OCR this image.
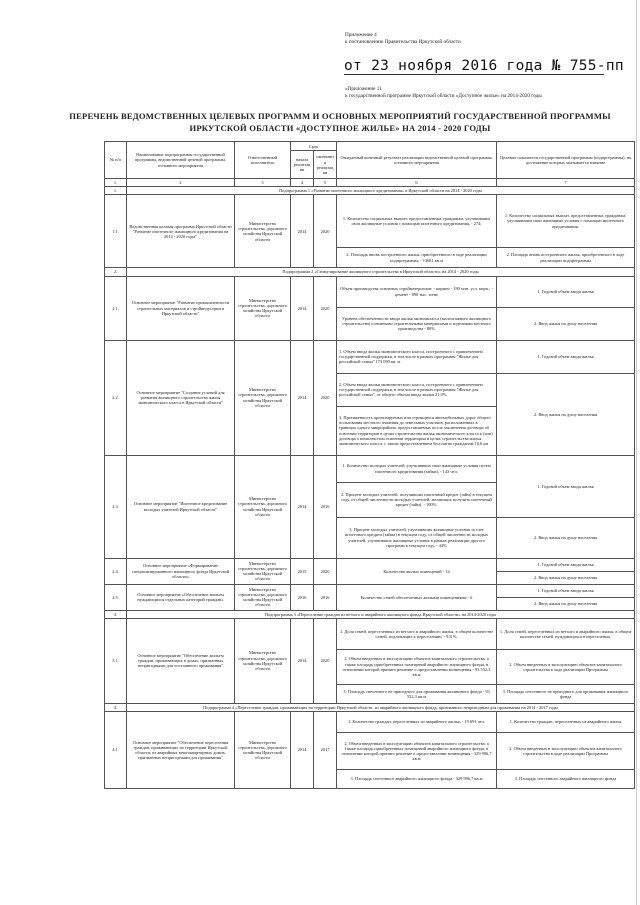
Приложение 4
к постановлению Правительства Иркутской области
от 23 ноября 2016 года № 755-пп
«Приложение 11
к государственной программе Иркутской области «Доступное жилье» на 2014-2020 годы
ПЕРЕЧЕНЬ ВЕДОМСТВЕННЫХ ЦЕЛЕВЫХ ПРОГРАММ И ОСНОВНЫХ МЕРОПРИЯТИЙ ГОСУДАРСТВЕННОЙ ПРОГРАММЫ
ИРКУТСКОЙ ОБЛАСТИ «ДОСТУПНОЕ ЖИЛЬЕ» НА 2014 - 2020 ГОДЫ
№ п/п	Наименование подпрограммы государственной программы, ведомственной целевой программы, основного мероприятия	Ответственный исполнитель	Срок		Ожидаемый конечный результат реализации ведомственной целевой программы, основного мероприятия	Целевые показатели государственной программы (подпрограммы), на достижение которых оказывается влияние
			начала реализации	окончания реализации		
1.	2	3	4	5	6	7
1.	Подпрограмма 1 «Развитие ипотечного жилищного кредитования» в Иркутской области на 2014 - 2020 годы					
1.1.	Ведомственная целевая программа Иркутской области "Развитие ипотечного жилищного кредитования на 2014 - 2020 годы"	Министерство строительства, дорожного хозяйства Иркутской области	2014	2020	1. Количество социальных выплат, предоставленных гражданам, улучшившим свои жилищные условия с помощью ипотечного кредитования, - 274;	1. Количество социальных выплат, предоставленных гражданам, улучшившим свои жилищные условия с помощью ипотечного кредитования.
					2. Площадь вновь построенного жилья, приобретенного в ходе реализации подпрограммы, - 13681 кв.м	2. Площадь вновь построенного жилья, приобретенного в ходе реализации подпрограммы
2.	Подпрограмма 2 «Стимулирование жилищного строительства в Иркутской области» на 2014 - 2020 годы					
2.1.	Основное мероприятие "Развитие промышленности строительных материалов и стройиндустрии в Иркутской области"	Министерство строительства, дорожного хозяйства Иркутской области	2014	2020	Объем производства основных стройматериалов: - кирпич - 190 млн. усл. кирп.; - цемент - 890 тыс. тонн;	1. Годовой объем ввода жилья
					Уровень обеспеченности ввода жилья экономкласса (малоэтажного жилищного строительства) основными строительными материалами и изделиями местного производства - 80%	2. Ввод жилья на душу населения
2.2.	Основное мероприятие "Создание условий для развития жилищного строительства жилья экономического класса в Иркутской области"	Министерство строительства, дорожного хозяйства Иркутской области	2014	2020	1. Объем ввода жилья экономического класса, построенного с привлечением государственной поддержки, в том числе в рамках программы "Жилье для российской семьи" 173 090 кв. м.	1. Годовой объем ввода жилья
					2. Объем ввода жилья экономического класса, построенного с привлечением государственной поддержки, в том числе в рамках программы "Жилье для российской семьи", от общего объема ввода жилья 21,9%.	2. Ввод жилья на душу населения
					3. Протяженность проектируемых или строящихся автомобильных дорог общего пользования местного значения до земельных участков, расположенных в границах одного микрорайона, предоставляемых после заключения договора об освоении территории в целях строительства жилья экономического класса к (или) договора о комплексном освоении территории в целях строительства жилья экономического класса, с таким предоставлением бесплатно гражданам 10,6 км	
2.3.	Основное мероприятие "Ипотечное кредитование молодых учителей Иркутской области"	Министерство строительства, дорожного хозяйства Иркутской области	2014	2016	1. Количество молодых учителей, улучшивших свои жилищные условия путем ипотечного кредитования (займа), - 143 чел.	1. Годовой объем ввода жилья
					2. Процент молодых учителей, получивших ипотечный кредит (займ) в текущем году, от общей численности молодых учителей, желающих получить ипотечный кредит (займ), - 100%.	
					3. Процент молодых учителей, улучшивших жилищные условия за счет ипотечного кредита (займа) в текущем году, от общей численности молодых учителей, улучшивших жилищные условия в рамках реализации другого программ в текущем году, - 44%	2. Ввод жилья на душу населения
2.4.	Основное мероприятие «Формирование специализированного жилищного фонда Иркутской области»	Министерство строительства, дорожного хозяйства Иркутской области	2015	2020	Количество жилых помещений - 14	1. Годовой объем ввода жилья
						2. Ввод жилья на душу населения
2.5.	Основное мероприятие «Обеспечение жильем нуждающихся отдельных категорий граждан»	Министерство строительства, дорожного хозяйства Иркутской области	2016	2016	Количество семей обеспеченных жилыми помещениями - 6	1. Годовой объем ввода жилья
						2. Ввод жилья на душу населения
3.	Подпрограмма 3 «Переселение граждан из ветхого и аварийного жилищного фонда Иркутской области» на 2014-2020 годы					
3.1.	Основное мероприятие "Обеспечение жильем граждан, проживающих в домах, признанных непригодными для постоянного проживания"	Министерство строительства, дорожного хозяйства Иркутской области	2014	2020	1. Доля семей, переселенных из ветхого и аварийного жилья, в общем количестве семей, подлежащих к переселению, - 9,8 %.	1. Доля семей, переселенных из ветхого и аварийного жилья, в общем количестве семей, нуждающихся в переселении.
					2. Объем введенных в эксплуатацию объектов капитального строительства, а также площадь приобретенных помещений аварийного жилищного фонда, в отношении которой принято решение о предоставлении возмещения - 93 552,3 кв.м	2. Объем введенных в эксплуатацию объектов капитального строительства в ходе реализации Программы
					3. Площадь снесенного не пригодного для проживания жилищного фонда - 93 552,3 кв.м	3. Площадь снесенного не пригодного для проживания жилищного фонда
4.	Подпрограмма 4 «Переселение граждан, проживающих на территории Иркутской области, из аварийного жилищного фонда, признанного непригодным для проживания на 2014 - 2017 годы					
4.1.	Основное мероприятие "Обеспечение переселения граждан, проживающих на территории Иркутской области, из аварийных многоквартирных домов, признанных непригодными для проживания"	Министерство строительства, дорожного хозяйства Иркутской области	2014	2017	1. Количество граждан, переселенных из аварийного жилья, - 19 691 чел.	1. Количество граждан, переселенных из аварийного жилья
					2. Объем введенных в эксплуатацию объектов капитального строительства, а также площадь приобретенных помещений аварийного жилищного фонда, в отношении которой принято решение о предоставлении возмещения - 329 996,7 кв.м	2. Объем введенных в эксплуатацию объектов капитального строительства в ходе реализации Программы
					3. Площадь снесенного аварийного жилищного фонда - 329 996,7 кв.м	3. Площадь снесенного аварийного жилищного фонда
